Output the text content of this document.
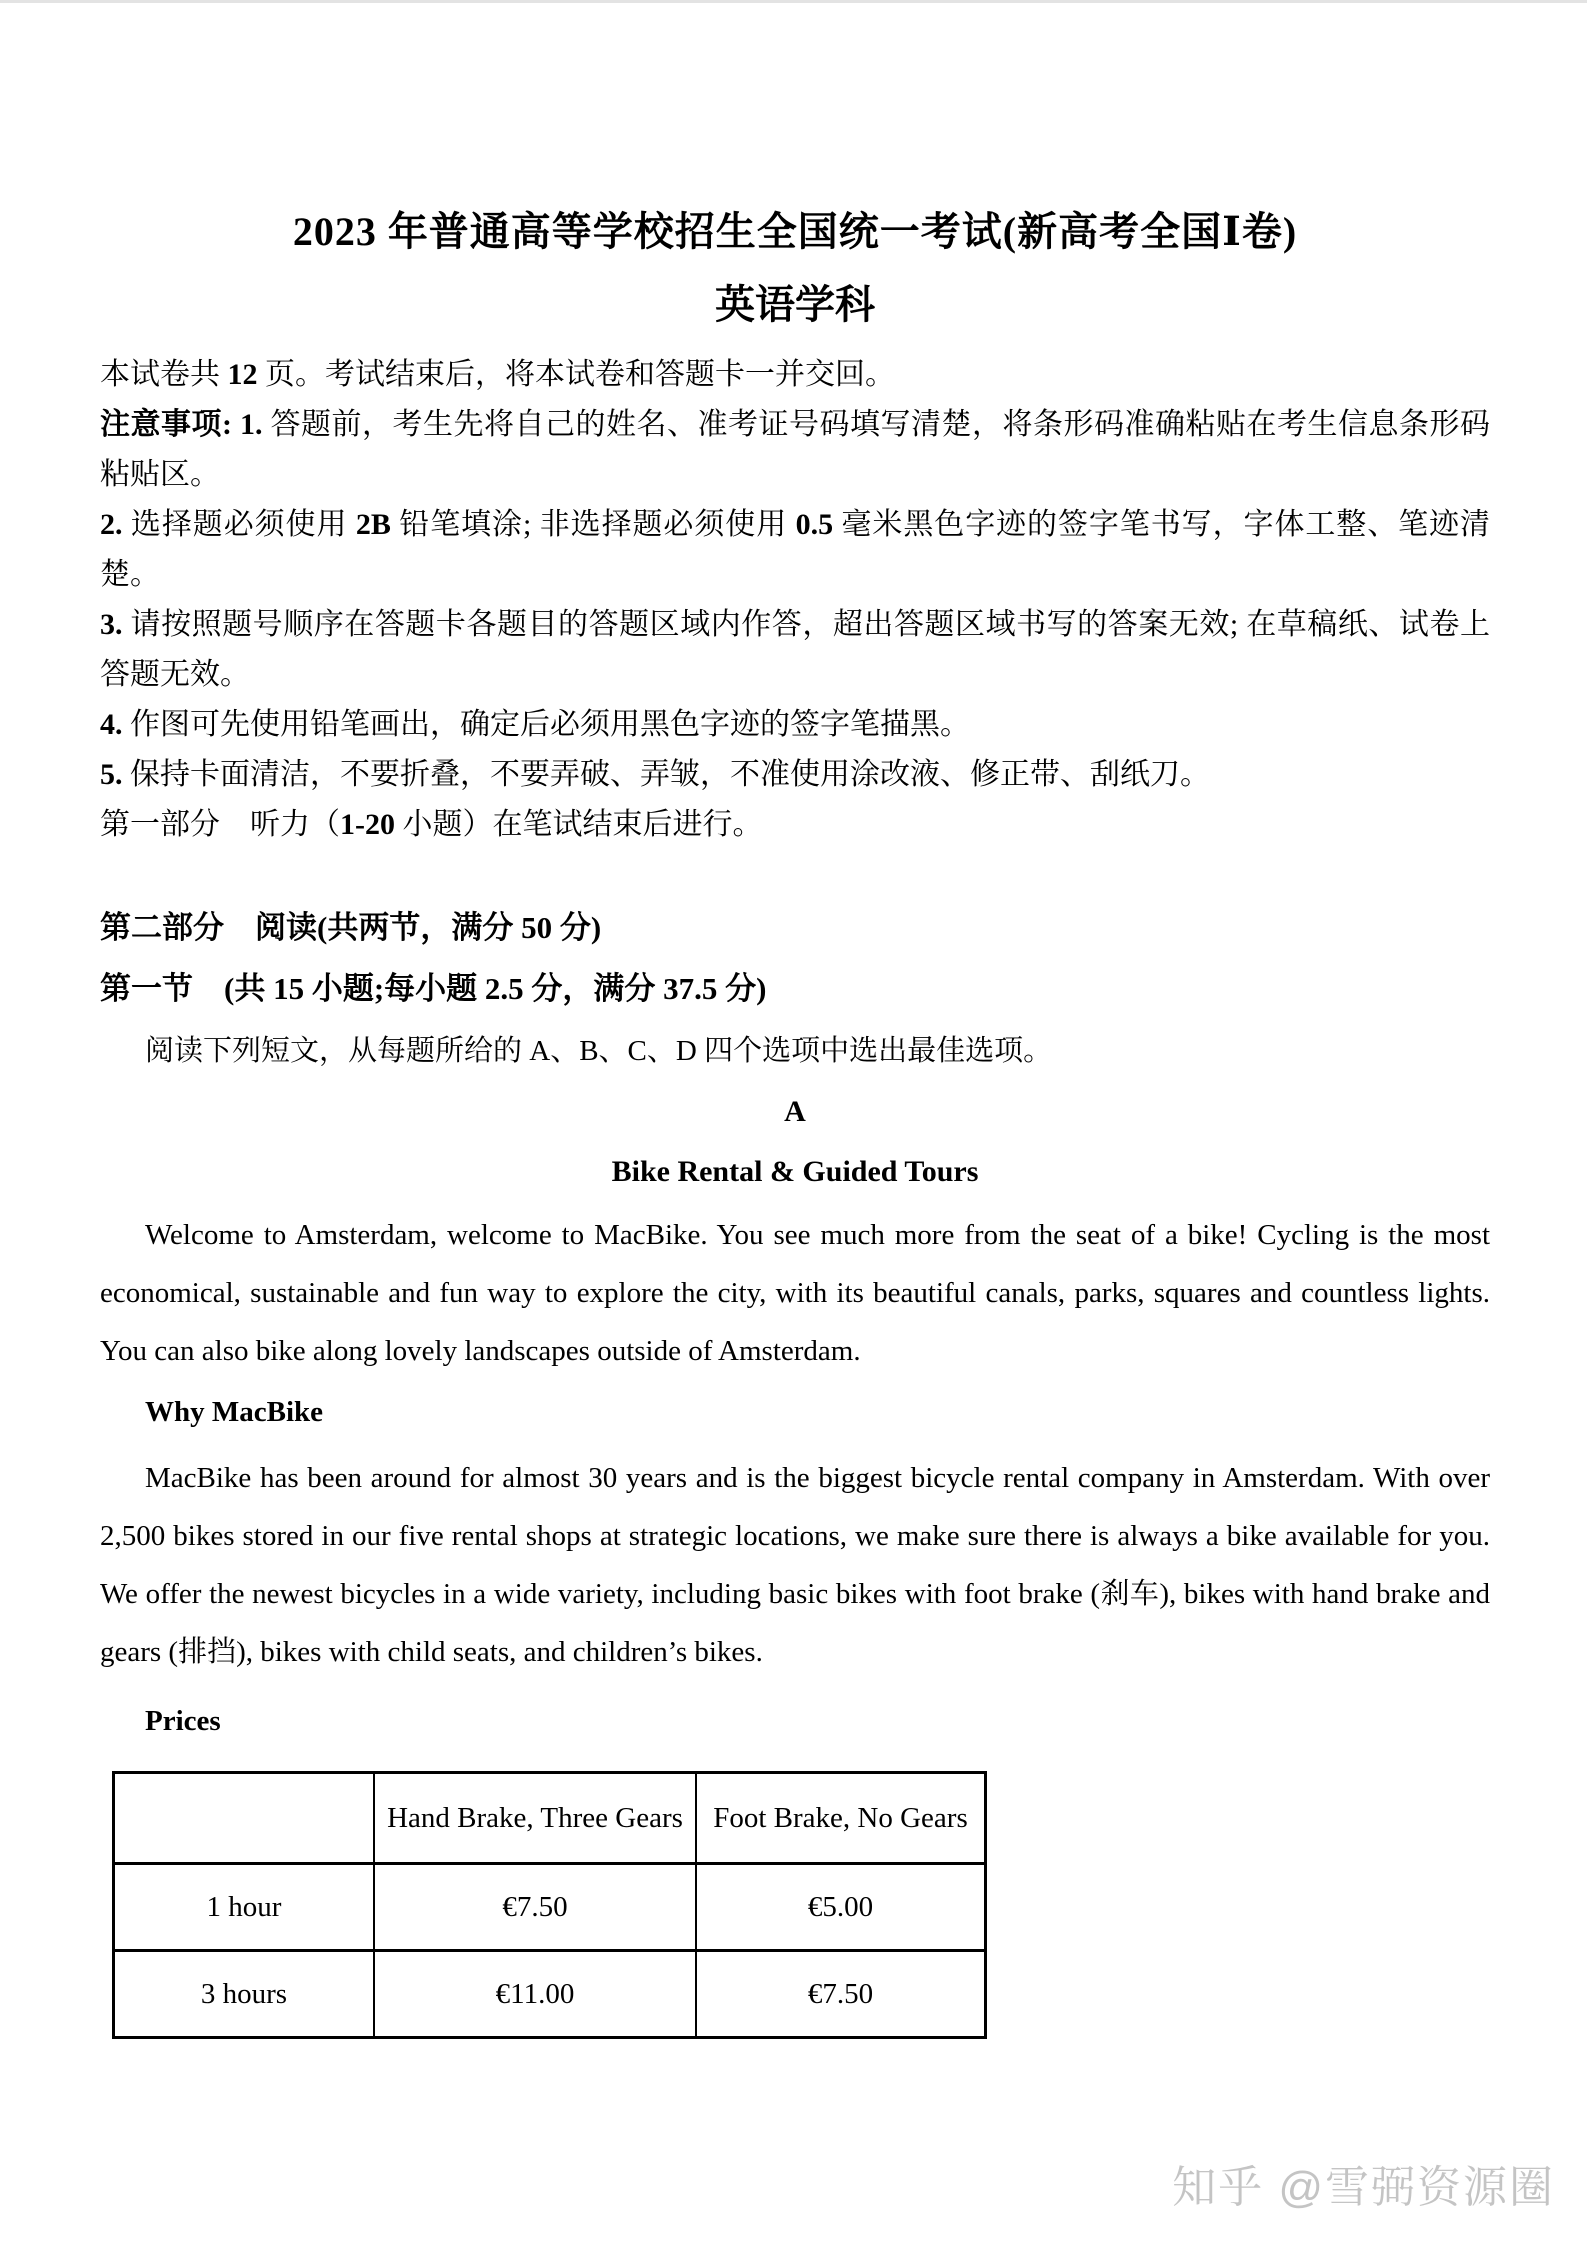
2023 年普通高等学校招生全国统一考试(新高考全国Ⅰ卷)
英语学科

本试卷共 12 页。考试结束后，将本试卷和答题卡一并交回。

注意事项: 1. 答题前，考生先将自己的姓名、准考证号码填写清楚，将条形码准确粘贴在考生信息条形码粘贴区。

2. 选择题必须使用 2B 铅笔填涂; 非选择题必须使用 0.5 毫米黑色字迹的签字笔书写，字体工整、笔迹清楚。

3. 请按照题号顺序在答题卡各题目的答题区域内作答，超出答题区域书写的答案无效; 在草稿纸、试卷上答题无效。

4. 作图可先使用铅笔画出，确定后必须用黑色字迹的签字笔描黑。

5. 保持卡面清洁，不要折叠，不要弄破、弄皱，不准使用涂改液、修正带、刮纸刀。

第一部分　听力（1-20 小题）在笔试结束后进行。

第二部分　阅读(共两节，满分 50 分)
第一节　(共 15 小题;每小题 2.5 分，满分 37.5 分)
阅读下列短文，从每题所给的 A、B、C、D 四个选项中选出最佳选项。
A
Bike Rental & Guided Tours

Welcome to Amsterdam, welcome to MacBike. You see much more from the seat of a bike! Cycling is the most economical, sustainable and fun way to explore the city, with its beautiful canals, parks, squares and countless lights. You can also bike along lovely landscapes outside of Amsterdam.

Why MacBike

MacBike has been around for almost 30 years and is the biggest bicycle rental company in Amsterdam. With over 2,500 bikes stored in our five rental shops at strategic locations, we make sure there is always a bike available for you. We offer the newest bicycles in a wide variety, including basic bikes with foot brake (刹车), bikes with hand brake and gears (排挡), bikes with child seats, and children’s bikes.

Prices
	Hand Brake, Three Gears	Foot Brake, No Gears
1 hour	€7.50	€5.00
3 hours	€11.00	€7.50
知乎 @雪弼资源圈
